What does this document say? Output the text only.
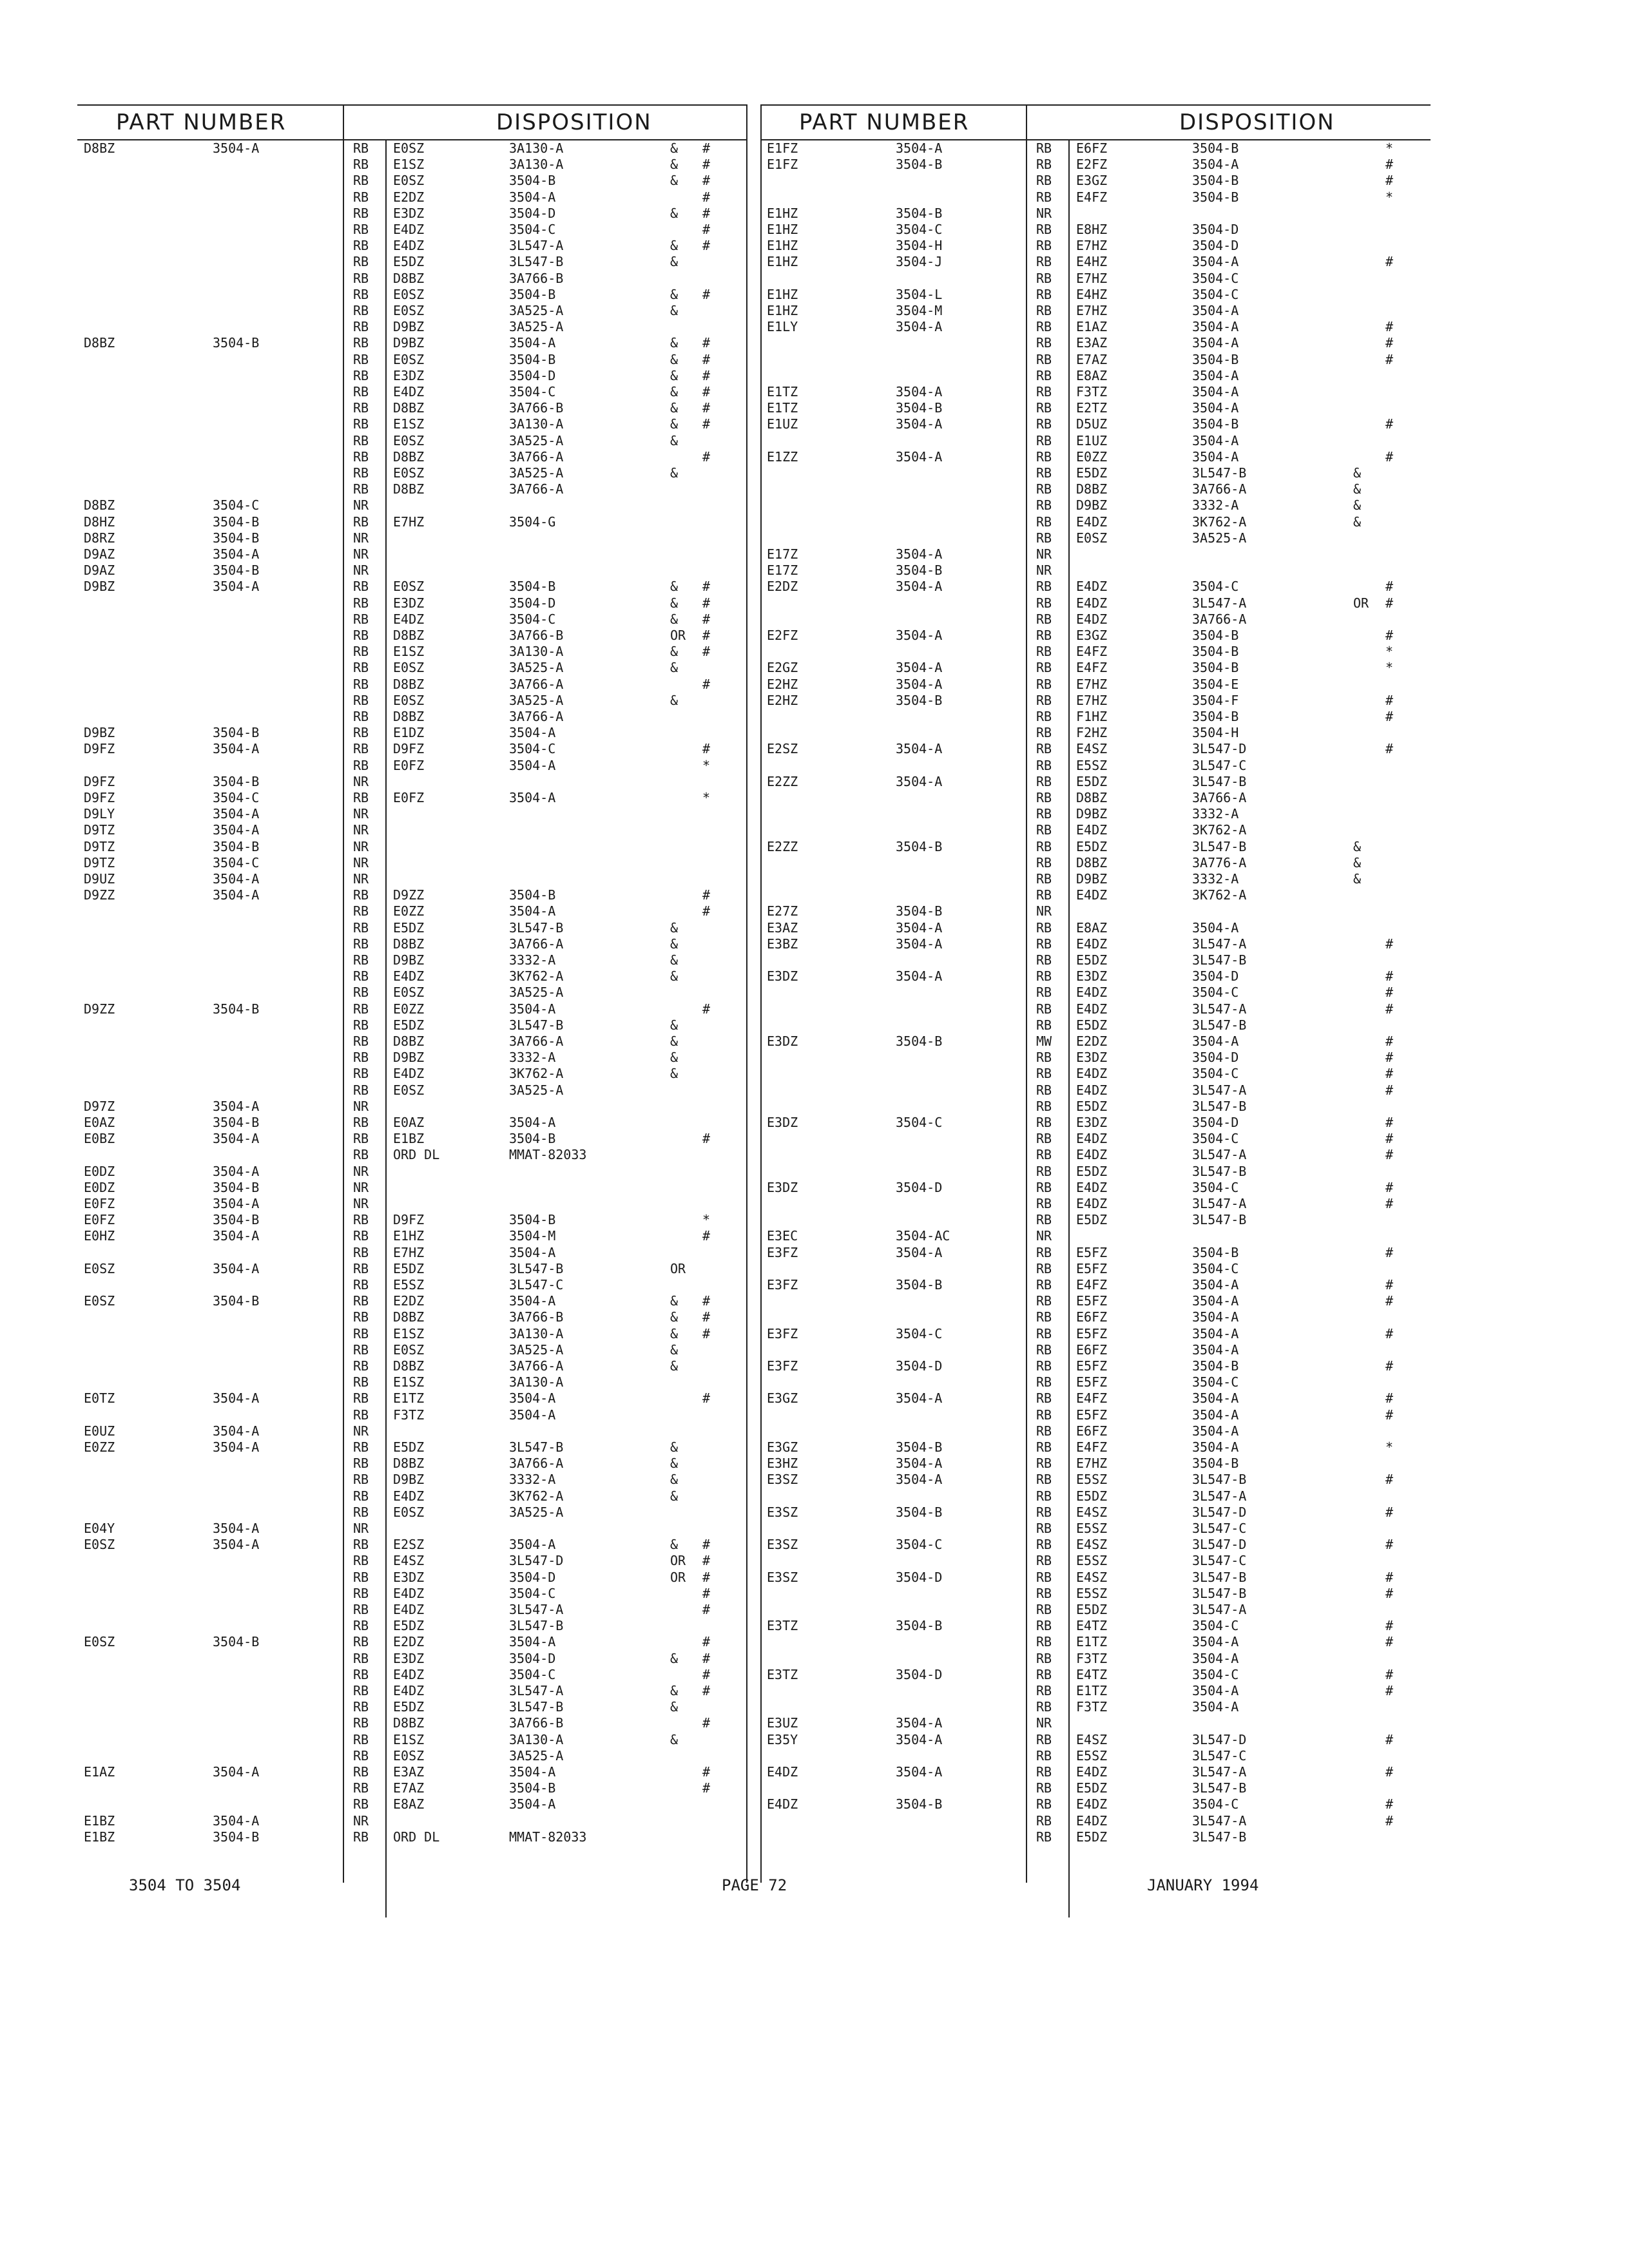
PART NUMBER	DISPOSITION
D8BZ	3504-A	RB E0SZ	3A130-A	& #
RB E1SZ	3A130-A	& #
RB E0SZ	3504-B	& #
RB E2DZ	3504-A	#
RB E3DZ	3504-D	& #
RB E4DZ	3504-C	#
RB E4DZ	3L547-A	& #
RB E5DZ	3L547-B	&
RB D8BZ	3A766-B
RB E0SZ	3504-B	& #
RB E0SZ	3A525-A	&
RB D9BZ	3A525-A
D8BZ	3504-B	RB D9BZ	3504-A	& #
RB E0SZ	3504-B	& #
RB E3DZ	3504-D	& #
RB E4DZ	3504-C	& #
RB D8BZ	3A766-B	& #
RB E1SZ	3A130-A	& #
RB E0SZ	3A525-A	&
RB D8BZ	3A766-A	#
RB E0SZ	3A525-A	&
RB D8BZ	3A766-A
D8BZ	3504-C	NR
D8HZ	3504-B	RB E7HZ	3504-G
D8RZ	3504-B	NR
D9AZ	3504-A	NR
D9AZ	3504-B	NR
D9BZ	3504-A	RB E0SZ	3504-B	& #
RB E3DZ	3504-D	& #
RB E4DZ	3504-C	& #
RB D8BZ	3A766-B	OR #
RB E1SZ	3A130-A	& #
RB E0SZ	3A525-A	&
RB D8BZ	3A766-A	#
RB E0SZ	3A525-A	&
RB D8BZ	3A766-A
D9BZ	3504-B	RB E1DZ	3504-A
D9FZ	3504-A	RB D9FZ	3504-C	#
RB E0FZ	3504-A	*
D9FZ	3504-B	NR
D9FZ	3504-C	RB E0FZ	3504-A	*
D9LY	3504-A	NR
D9TZ	3504-A	NR
D9TZ	3504-B	NR
D9TZ	3504-C	NR
D9UZ	3504-A	NR
D9ZZ	3504-A	RB D9ZZ	3504-B	#
RB E0ZZ	3504-A	#
RB E5DZ	3L547-B	&
RB D8BZ	3A766-A	&
RB D9BZ	3332-A	&
RB E4DZ	3K762-A	&
RB E0SZ	3A525-A
D9ZZ	3504-B	RB E0ZZ	3504-A	#
RB E5DZ	3L547-B	&
RB D8BZ	3A766-A	&
RB D9BZ	3332-A	&
RB E4DZ	3K762-A	&
RB E0SZ	3A525-A
D97Z	3504-A	NR
E0AZ	3504-B	RB E0AZ	3504-A
E0BZ	3504-A	RB E1BZ	3504-B	#
RB ORD DL	MMAT-82033
E0DZ	3504-A	NR
E0DZ	3504-B	NR
E0FZ	3504-A	NR
E0FZ	3504-B	RB D9FZ	3504-B	*
E0HZ	3504-A	RB E1HZ	3504-M	#
RB E7HZ	3504-A
E0SZ	3504-A	RB E5DZ	3L547-B	OR
RB E5SZ	3L547-C
E0SZ	3504-B	RB E2DZ	3504-A	& #
RB D8BZ	3A766-B	& #
RB E1SZ	3A130-A	& #
RB E0SZ	3A525-A	&
RB D8BZ	3A766-A	&
RB E1SZ	3A130-A
E0TZ	3504-A	RB E1TZ	3504-A	#
RB F3TZ	3504-A
E0UZ	3504-A	NR
E0ZZ	3504-A	RB E5DZ	3L547-B	&
RB D8BZ	3A766-A	&
RB D9BZ	3332-A	&
RB E4DZ	3K762-A	&
RB E0SZ	3A525-A
E04Y	3504-A	NR
E0SZ	3504-A	RB E2SZ	3504-A	& #
RB E4SZ	3L547-D	OR #
RB E3DZ	3504-D	OR #
RB E4DZ	3504-C	#
RB E4DZ	3L547-A	#
RB E5DZ	3L547-B
E0SZ	3504-B	RB E2DZ	3504-A	#
RB E3DZ	3504-D	& #
RB E4DZ	3504-C	#
RB E4DZ	3L547-A	& #
RB E5DZ	3L547-B	&
RB D8BZ	3A766-B	#
RB E1SZ	3A130-A	&
RB E0SZ	3A525-A
E1AZ	3504-A	RB E3AZ	3504-A	#
RB E7AZ	3504-B	#
RB E8AZ	3504-A
E1BZ	3504-A	NR
E1BZ	3504-B	RB ORD DL	MMAT-82033
PART NUMBER	DISPOSITION
E1FZ	3504-A	RB E6FZ	3504-B	*
E1FZ	3504-B	RB E2FZ	3504-A	#
RB E3GZ	3504-B	#
RB E4FZ	3504-B	*
E1HZ	3504-B	NR
E1HZ	3504-C	RB E8HZ	3504-D
E1HZ	3504-H	RB E7HZ	3504-D
E1HZ	3504-J	RB E4HZ	3504-A	#
RB E7HZ	3504-C
E1HZ	3504-L	RB E4HZ	3504-C
E1HZ	3504-M	RB E7HZ	3504-A
E1LY	3504-A	RB E1AZ	3504-A	#
RB E3AZ	3504-A	#
RB E7AZ	3504-B	#
RB E8AZ	3504-A
E1TZ	3504-A	RB F3TZ	3504-A
E1TZ	3504-B	RB E2TZ	3504-A
E1UZ	3504-A	RB D5UZ	3504-B	#
RB E1UZ	3504-A
E1ZZ	3504-A	RB E0ZZ	3504-A	#
RB E5DZ	3L547-B	&
RB D8BZ	3A766-A	&
RB D9BZ	3332-A	&
RB E4DZ	3K762-A	&
RB E0SZ	3A525-A
E17Z	3504-A	NR
E17Z	3504-B	NR
E2DZ	3504-A	RB E4DZ	3504-C	#
RB E4DZ	3L547-A	OR #
RB E4DZ	3A766-A
E2FZ	3504-A	RB E3GZ	3504-B	#
RB E4FZ	3504-B	*
E2GZ	3504-A	RB E4FZ	3504-B	*
E2HZ	3504-A	RB E7HZ	3504-E
E2HZ	3504-B	RB E7HZ	3504-F	#
RB F1HZ	3504-B	#
RB F2HZ	3504-H
E2SZ	3504-A	RB E4SZ	3L547-D	#
RB E5SZ	3L547-C
E2ZZ	3504-A	RB E5DZ	3L547-B
RB D8BZ	3A766-A
RB D9BZ	3332-A
RB E4DZ	3K762-A
E2ZZ	3504-B	RB E5DZ	3L547-B	&
RB D8BZ	3A776-A	&
RB D9BZ	3332-A	&
RB E4DZ	3K762-A
E27Z	3504-B	NR
E3AZ	3504-A	RB E8AZ	3504-A
E3BZ	3504-A	RB E4DZ	3L547-A	#
RB E5DZ	3L547-B
E3DZ	3504-A	RB E3DZ	3504-D	#
RB E4DZ	3504-C	#
RB E4DZ	3L547-A	#
RB E5DZ	3L547-B
E3DZ	3504-B	MW E2DZ	3504-A	#
RB E3DZ	3504-D	#
RB E4DZ	3504-C	#
RB E4DZ	3L547-A	#
RB E5DZ	3L547-B
E3DZ	3504-C	RB E3DZ	3504-D	#
RB E4DZ	3504-C	#
RB E4DZ	3L547-A	#
RB E5DZ	3L547-B
E3DZ	3504-D	RB E4DZ	3504-C	#
RB E4DZ	3L547-A	#
RB E5DZ	3L547-B
E3EC	3504-AC	NR
E3FZ	3504-A	RB E5FZ	3504-B	#
RB E5FZ	3504-C
E3FZ	3504-B	RB E4FZ	3504-A	#
RB E5FZ	3504-A	#
RB E6FZ	3504-A
E3FZ	3504-C	RB E5FZ	3504-A	#
RB E6FZ	3504-A
E3FZ	3504-D	RB E5FZ	3504-B	#
RB E5FZ	3504-C
E3GZ	3504-A	RB E4FZ	3504-A	#
RB E5FZ	3504-A	#
RB E6FZ	3504-A
E3GZ	3504-B	RB E4FZ	3504-A	*
E3HZ	3504-A	RB E7HZ	3504-B
E3SZ	3504-A	RB E5SZ	3L547-B	#
RB E5DZ	3L547-A
E3SZ	3504-B	RB E4SZ	3L547-D	#
RB E5SZ	3L547-C
E3SZ	3504-C	RB E4SZ	3L547-D	#
RB E5SZ	3L547-C
E3SZ	3504-D	RB E4SZ	3L547-B	#
RB E5SZ	3L547-B	#
RB E5DZ	3L547-A
E3TZ	3504-B	RB E4TZ	3504-C	#
RB E1TZ	3504-A	#
RB F3TZ	3504-A
E3TZ	3504-D	RB E4TZ	3504-C	#
RB E1TZ	3504-A	#
RB F3TZ	3504-A
E3UZ	3504-A	NR
E35Y	3504-A	RB E4SZ	3L547-D	#
RB E5SZ	3L547-C
E4DZ	3504-A	RB E4DZ	3L547-A	#
RB E5DZ	3L547-B
E4DZ	3504-B	RB E4DZ	3504-C	#
RB E4DZ	3L547-A	#
RB E5DZ	3L547-B
3504 TO 3504	PAGE 72	JANUARY 1994
